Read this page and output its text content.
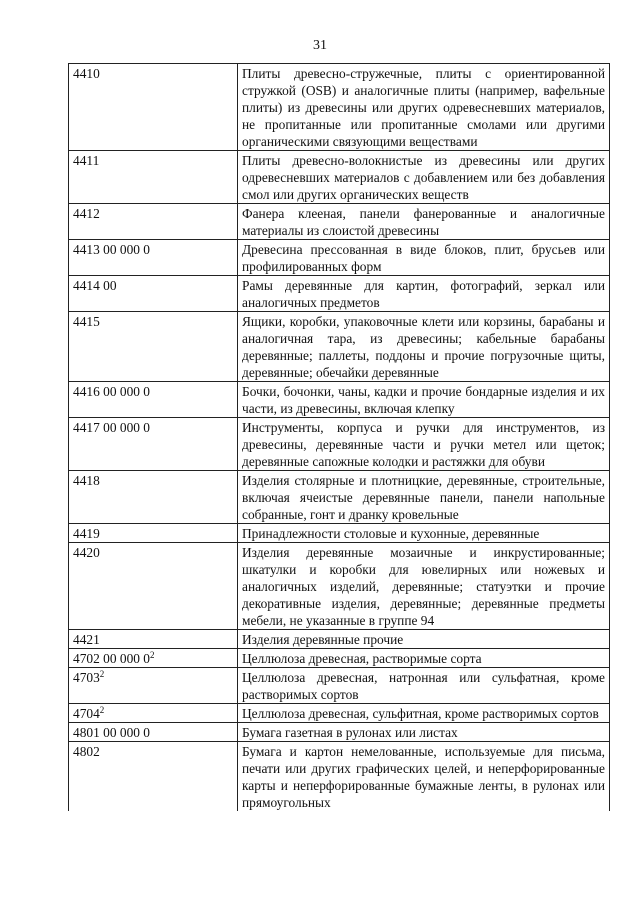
31
4410	Плиты древесно-стружечные, плиты с ориентированной стружкой (OSB) и аналогичные плиты (например, вафельные плиты) из древесины или других одревесневших материалов, не пропитанные или пропитанные смолами или другими органическими связующими веществами
4411	Плиты древесно-волокнистые из древесины или других одревесневших материалов с добавлением или без добавления смол или других органических веществ
4412	Фанера клееная, панели фанерованные и аналогичные материалы из слоистой древесины
4413 00 000 0	Древесина прессованная в виде блоков, плит, брусьев или профилированных форм
4414 00	Рамы деревянные для картин, фотографий, зеркал или аналогичных предметов
4415	Ящики, коробки, упаковочные клети или корзины, барабаны и аналогичная тара, из древесины; кабельные барабаны деревянные; паллеты, поддоны и прочие погрузочные щиты, деревянные; обечайки деревянные
4416 00 000 0	Бочки, бочонки, чаны, кадки и прочие бондарные изделия и их части, из древесины, включая клепку
4417 00 000 0	Инструменты, корпуса и ручки для инструментов, из древесины, деревянные части и ручки метел или щеток; деревянные сапожные колодки и растяжки для обуви
4418	Изделия столярные и плотницкие, деревянные, строительные, включая ячеистые деревянные панели, панели напольные собранные, гонт и дранку кровельные
4419	Принадлежности столовые и кухонные, деревянные
4420	Изделия деревянные мозаичные и инкрустированные; шкатулки и коробки для ювелирных или ножевых и аналогичных изделий, деревянные; статуэтки и прочие декоративные изделия, деревянные; деревянные предметы мебели, не указанные в группе 94
4421	Изделия деревянные прочие
4702 00 000 $0^2$	Целлюлоза древесная, растворимые сорта
4703$^2$	Целлюлоза древесная, натронная или сульфатная, кроме растворимых сортов
4704$^2$	Целлюлоза древесная, сульфитная, кроме растворимых сортов
4801 00 000 0	Бумага газетная в рулонах или листах
4802	Бумага и картон немелованные, используемые для письма, печати или других графических целей, и неперфорированные карты и неперфорированные бумажные ленты, в рулонах или прямоугольных
